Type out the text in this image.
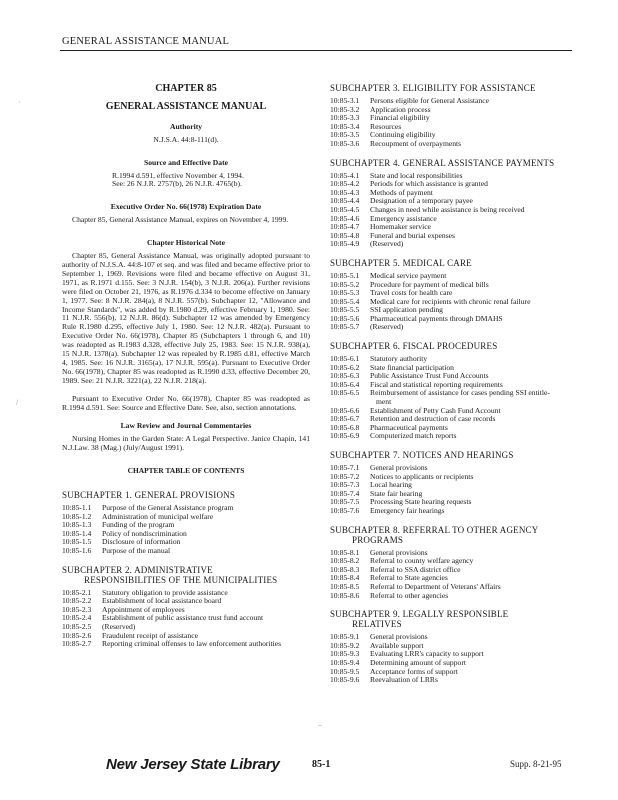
GENERAL ASSISTANCE MANUAL
CHAPTER 85
GENERAL ASSISTANCE MANUAL
Authority
N.J.S.A. 44:8-111(d).
Source and Effective Date
R.1994 d.591, effective November 4, 1994.
See: 26 N.J.R. 2757(b), 26 N.J.R. 4765(b).
Executive Order No. 66(1978) Expiration Date

Chapter 85, General Assistance Manual, expires on November 4, 1999.

Chapter Historical Note

Chapter 85, General Assistance Manual, was originally adopted pursuant to authority of N.J.S.A. 44:8-107 et seq. and was filed and became effective prior to September 1, 1969. Revisions were filed and became effective on August 31, 1971, as R.1971 d.155. See: 3 N.J.R. 154(b), 3 N.J.R. 206(a). Further revisions were filed on October 21, 1976, as R.1976 d.334 to become effective on January 1, 1977. See: 8 N.J.R. 284(a), 8 N.J.R. 557(b). Subchapter 12, "Allowance and Income Standards", was added by R.1980 d.29, effective February 1, 1980. See: 11 N.J.R. 556(b), 12 N.J.R. 86(d). Subchapter 12 was amended by Emergency Rule R.1980 d.295, effective July 1, 1980. See: 12 N.J.R. 482(a). Pursuant to Executive Order No. 66(1978), Chapter 85 (Subchapters 1 through 6, and 10) was readopted as R.1983 d.328, effective July 25, 1983. See: 15 N.J.R. 938(a), 15 N.J.R. 1378(a). Subchapter 12 was repealed by R.1985 d.81, effective March 4, 1985. See: 16 N.J.R. 3165(a), 17 N.J.R. 595(a). Pursuant to Executive Order No. 66(1978), Chapter 85 was readopted as R.1990 d.33, effective December 20, 1989. See: 21 N.J.R. 3221(a), 22 N.J.R. 218(a).

Pursuant to Executive Order No. 66(1978), Chapter 85 was readopted as R.1994 d.591. See: Source and Effective Date. See, also, section annotations.

Law Review and Journal Commentaries

Nursing Homes in the Garden State: A Legal Perspective. Janice Chapin, 141 N.J.Law. 38 (Mag.) (July/August 1991).

CHAPTER TABLE OF CONTENTS
SUBCHAPTER 1. GENERAL PROVISIONS
10:85-1.1	Purpose of the General Assistance program
10:85-1.2	Administration of municipal welfare
10:85-1.3	Funding of the program
10:85-1.4	Policy of nondiscrimination
10:85-1.5	Disclosure of information
10:85-1.6	Purpose of the manual
SUBCHAPTER 2. ADMINISTRATIVE
RESPONSIBILITIES OF THE MUNICIPALITIES
10:85-2.1	Statutory obligation to provide assistance
10:85-2.2	Establishment of local assistance board
10:85-2.3	Appointment of employees
10:85-2.4	Establishment of public assistance trust fund account
10:85-2.5	(Reserved)
10:85-2.6	Fraudulent receipt of assistance
10:85-2.7	Reporting criminal offenses to law enforcement authorities
SUBCHAPTER 3. ELIGIBILITY FOR ASSISTANCE
10:85-3.1	Persons eligible for General Assistance
10:85-3.2	Application process
10:85-3.3	Financial eligibility
10:85-3.4	Resources
10:85-3.5	Continuing eligibility
10:85-3.6	Recoupment of overpayments
SUBCHAPTER 4. GENERAL ASSISTANCE PAYMENTS
10:85-4.1	State and local responsibilities
10:85-4.2	Periods for which assistance is granted
10:85-4.3	Methods of payment
10:85-4.4	Designation of a temporary payee
10:85-4.5	Changes in need while assistance is being received
10:85-4.6	Emergency assistance
10:85-4.7	Homemaker service
10:85-4.8	Funeral and burial expenses
10:85-4.9	(Reserved)
SUBCHAPTER 5. MEDICAL CARE
10:85-5.1	Medical service payment
10:85-5.2	Procedure for payment of medical bills
10:85-5.3	Travel costs for health care
10:85-5.4	Medical care for recipients with chronic renal failure
10:85-5.5	SSI application pending
10:85-5.6	Pharmaceutical payments through DMAHS
10:85-5.7	(Reserved)
SUBCHAPTER 6. FISCAL PROCEDURES
10:85-6.1	Statutory authority
10:85-6.2	State financial participation
10:85-6.3	Public Assistance Trust Fund Accounts
10:85-6.4	Fiscal and statistical reporting requirements
10:85-6.5	Reimbursement of assistance for cases pending SSI entitle-
ment
10:85-6.6	Establishment of Petty Cash Fund Account
10:85-6.7	Retention and destruction of case records
10:85-6.8	Pharmaceutical payments
10:85-6.9	Computerized match reports
SUBCHAPTER 7. NOTICES AND HEARINGS
10:85-7.1	General provisions
10:85-7.2	Notices to applicants or recipients
10:85-7.3	Local hearing
10:85-7.4	State fair hearing
10:85-7.5	Processing State hearing requests
10:85-7.6	Emergency fair hearings
SUBCHAPTER 8. REFERRAL TO OTHER AGENCY
PROGRAMS
10:85-8.1	General provisions
10:85-8.2	Referral to county welfare agency
10:85-8.3	Referral to SSA district office
10:85-8.4	Referral to State agencies
10:85-8.5	Referral to Department of Veterans' Affairs
10:85-8.6	Referral to other agencies
SUBCHAPTER 9. LEGALLY RESPONSIBLE
RELATIVES
10:85-9.1	General provisions
10:85-9.2	Available support
10:85-9.3	Evaluating LRR's capacity to support
10:85-9.4	Determining amount of support
10:85-9.5	Acceptance forms of support
10:85-9.6	Reevaluation of LRRs
·
/
–
New Jersey State Library	85-1	Supp. 8-21-95
